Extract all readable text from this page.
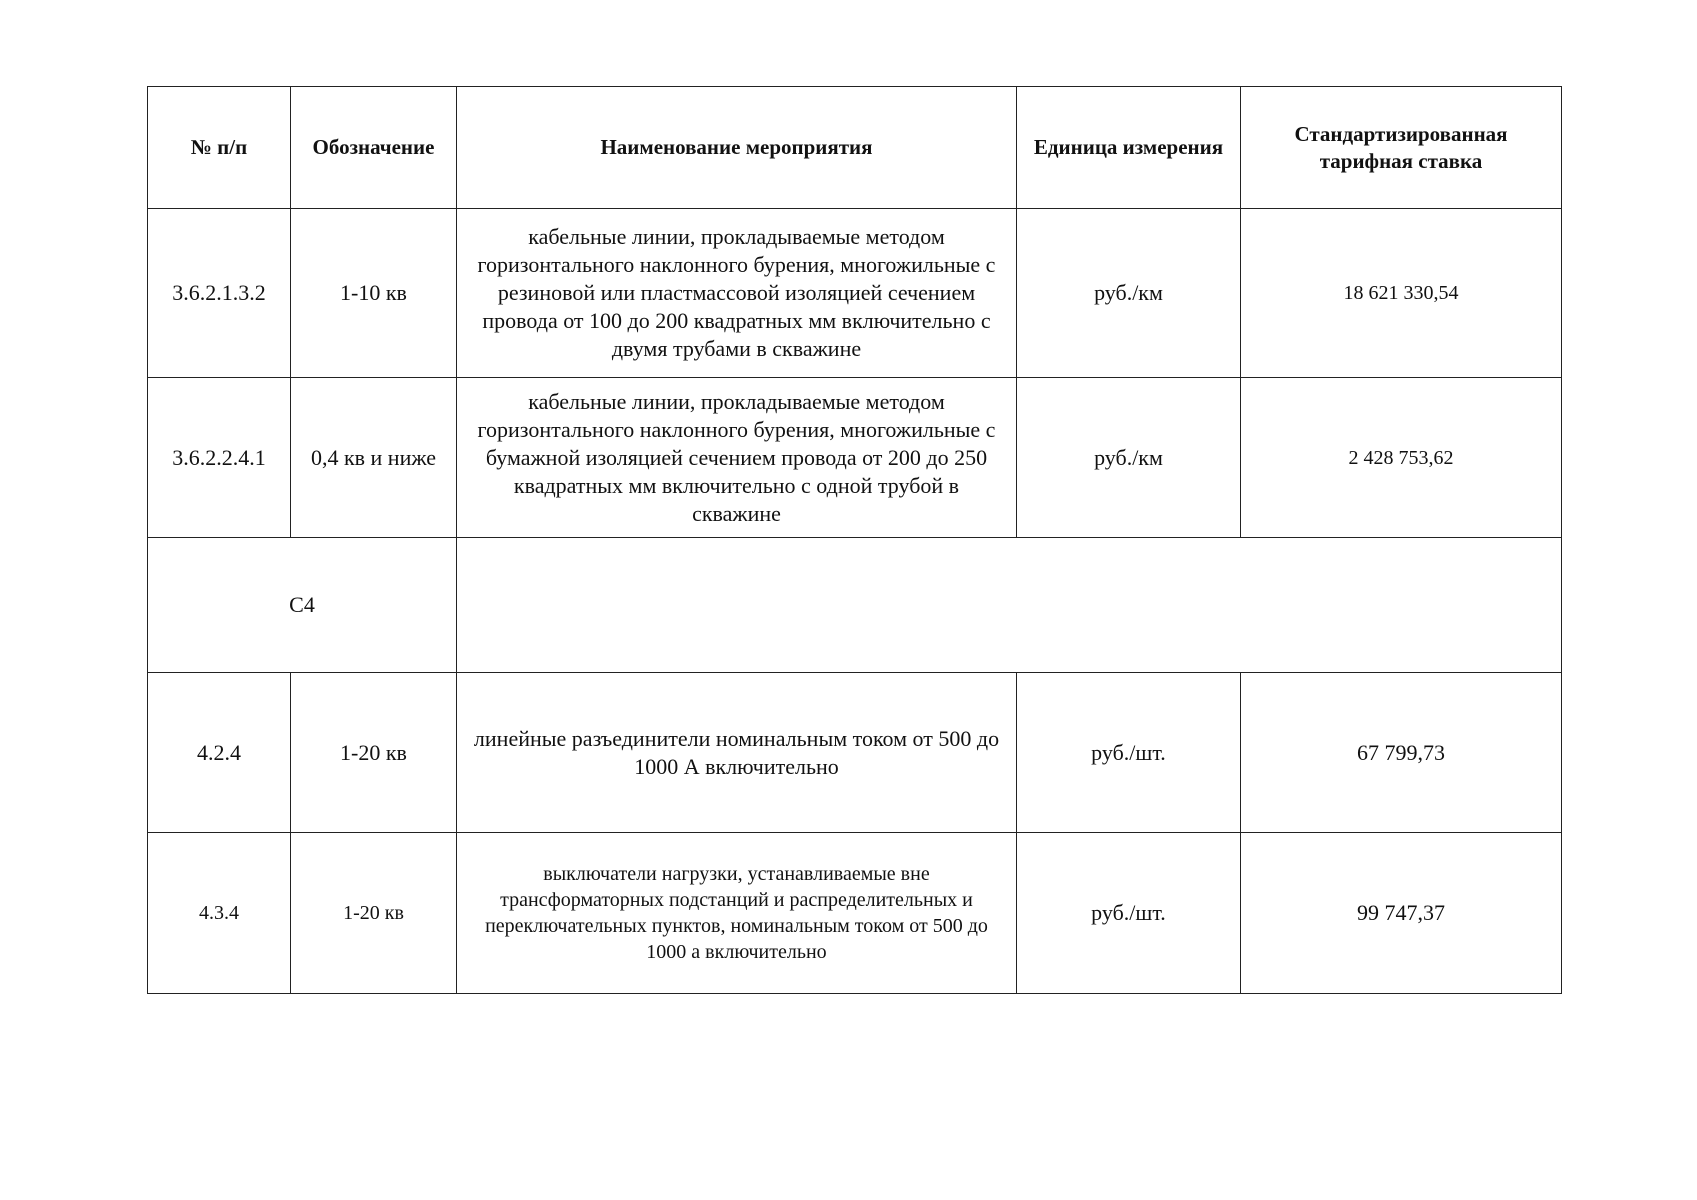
№ п/п	Обозначение	Наименование мероприятия	Единица измерения	Стандартизированная тарифная ставка
3.6.2.1.3.2	1-10 кв	кабельные линии, прокладываемые методом горизонтального наклонного бурения, многожильные с резиновой или пластмассовой изоляцией сечением провода от 100 до 200 квадратных мм включительно с двумя трубами в скважине	руб./км	18 621 330,54
3.6.2.2.4.1	0,4 кв и ниже	кабельные линии, прокладываемые методом горизонтального наклонного бурения, многожильные с бумажной изоляцией сечением провода от 200 до 250 квадратных мм включительно с одной трубой в скважине	руб./км	2 428 753,62
C4				
4.2.4	1-20 кв	линейные разъединители номинальным током от 500 до 1000 А включительно	руб./шт.	67 799,73
4.3.4	1-20 кв	выключатели нагрузки, устанавливаемые вне трансформаторных подстанций и распределительных и переключательных пунктов, номинальным током от 500 до 1000 а включительно	руб./шт.	99 747,37
